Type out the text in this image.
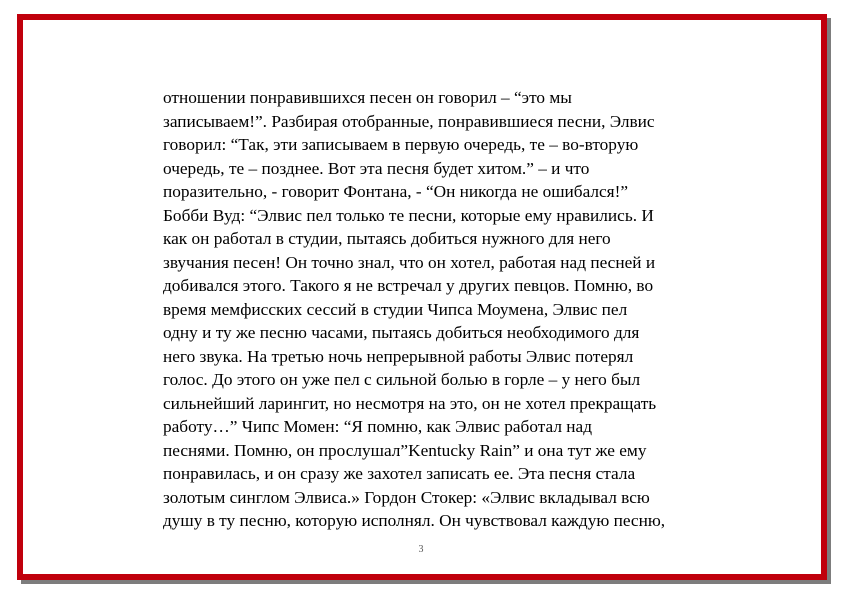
отношении понравившихся песен он говорил – “это мы
записываем!”. Разбирая отобранные, понравившиеся песни, Элвис
говорил: “Так, эти записываем в первую очередь, те – во-вторую
очередь, те – позднее. Вот эта песня будет хитом.” – и что
поразительно, - говорит Фонтана, - “Он никогда не ошибался!”
Бобби Вуд: “Элвис пел только те песни, которые ему нравились. И
как он работал в студии, пытаясь добиться нужного для него
звучания песен! Он точно знал, что он хотел, работая над песней и
добивался этого. Такого я не встречал у других певцов. Помню, во
время мемфисских сессий в студии Чипса Моумена, Элвис пел
одну и ту же песню часами, пытаясь добиться необходимого для
него звука. На третью ночь непрерывной работы Элвис потерял
голос. До этого он уже пел с сильной болью в горле – у него был
сильнейший ларингит, но несмотря на это, он не хотел прекращать
работу…” Чипс Момен: “Я помню, как Элвис работал над
песнями. Помню, он прослушал”Kentucky Rain” и она тут же ему
понравилась, и он сразу же захотел записать ее. Эта песня стала
золотым синглом Элвиса.» Гордон Стокер: «Элвис вкладывал всю
душу в ту песню, которую исполнял. Он чувствовал каждую песню,
3
